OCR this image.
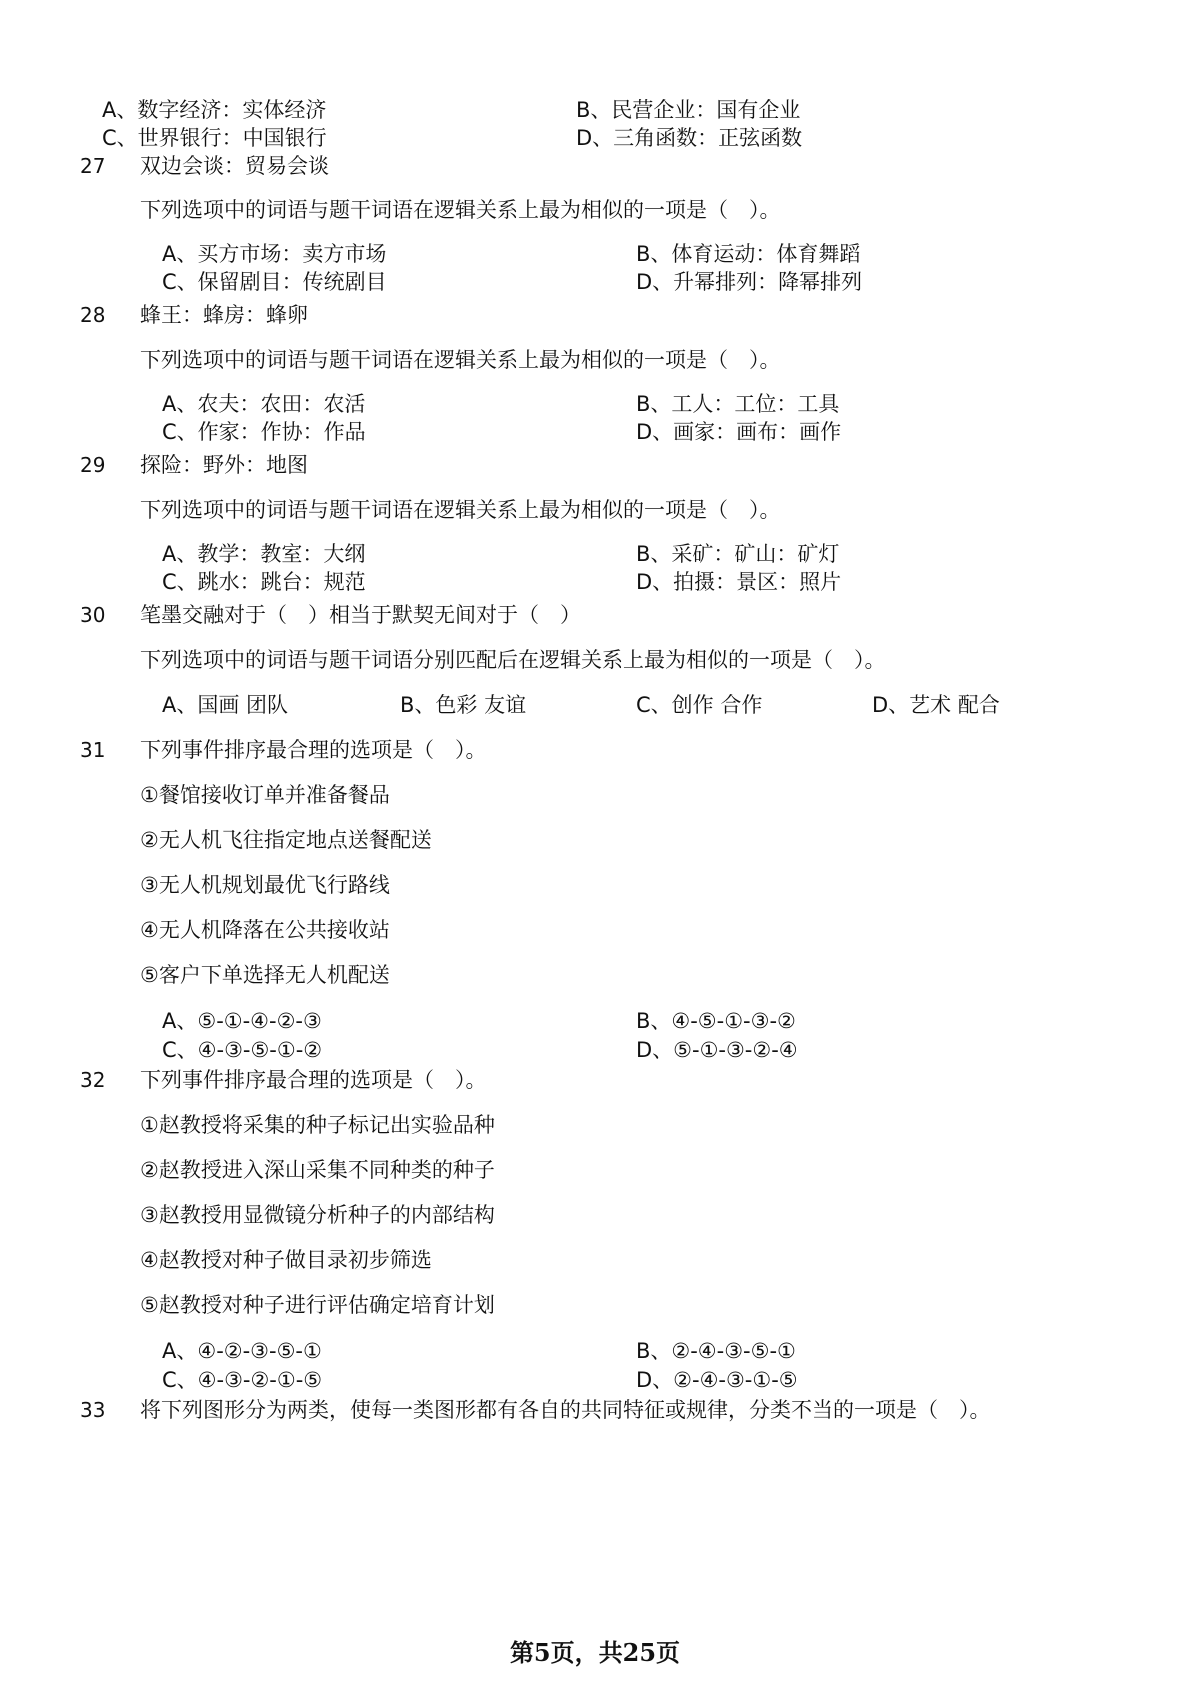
A、数字经济：实体经济	B、民营企业：国有企业
C、世界银行：中国银行	D、三角函数：正弦函数
27 双边会谈：贸易会谈
下列选项中的词语与题干词语在逻辑关系上最为相似的一项是（　）。
A、买方市场：卖方市场	B、体育运动：体育舞蹈
C、保留剧目：传统剧目	D、升幂排列：降幂排列
28 蜂王：蜂房：蜂卵
下列选项中的词语与题干词语在逻辑关系上最为相似的一项是（　）。
A、农夫：农田：农活	B、工人：工位：工具
C、作家：作协：作品	D、画家：画布：画作
29 探险：野外：地图
下列选项中的词语与题干词语在逻辑关系上最为相似的一项是（　）。
A、教学：教室：大纲	B、采矿：矿山：矿灯
C、跳水：跳台：规范	D、拍摄：景区：照片
30 笔墨交融对于（　）相当于默契无间对于（　）
下列选项中的词语与题干词语分别匹配后在逻辑关系上最为相似的一项是（　）。
A、国画 团队	B、色彩 友谊	C、创作 合作	D、艺术 配合
31 下列事件排序最合理的选项是（　）。
①餐馆接收订单并准备餐品
②无人机飞往指定地点送餐配送
③无人机规划最优飞行路线
④无人机降落在公共接收站
⑤客户下单选择无人机配送
A、⑤-①-④-②-③	B、④-⑤-①-③-②
C、④-③-⑤-①-②	D、⑤-①-③-②-④
32 下列事件排序最合理的选项是（　）。
①赵教授将采集的种子标记出实验品种
②赵教授进入深山采集不同种类的种子
③赵教授用显微镜分析种子的内部结构
④赵教授对种子做目录初步筛选
⑤赵教授对种子进行评估确定培育计划
A、④-②-③-⑤-①	B、②-④-③-⑤-①
C、④-③-②-①-⑤	D、②-④-③-①-⑤
33 将下列图形分为两类，使每一类图形都有各自的共同特征或规律，分类不当的一项是（　）。
第5页，共25页
